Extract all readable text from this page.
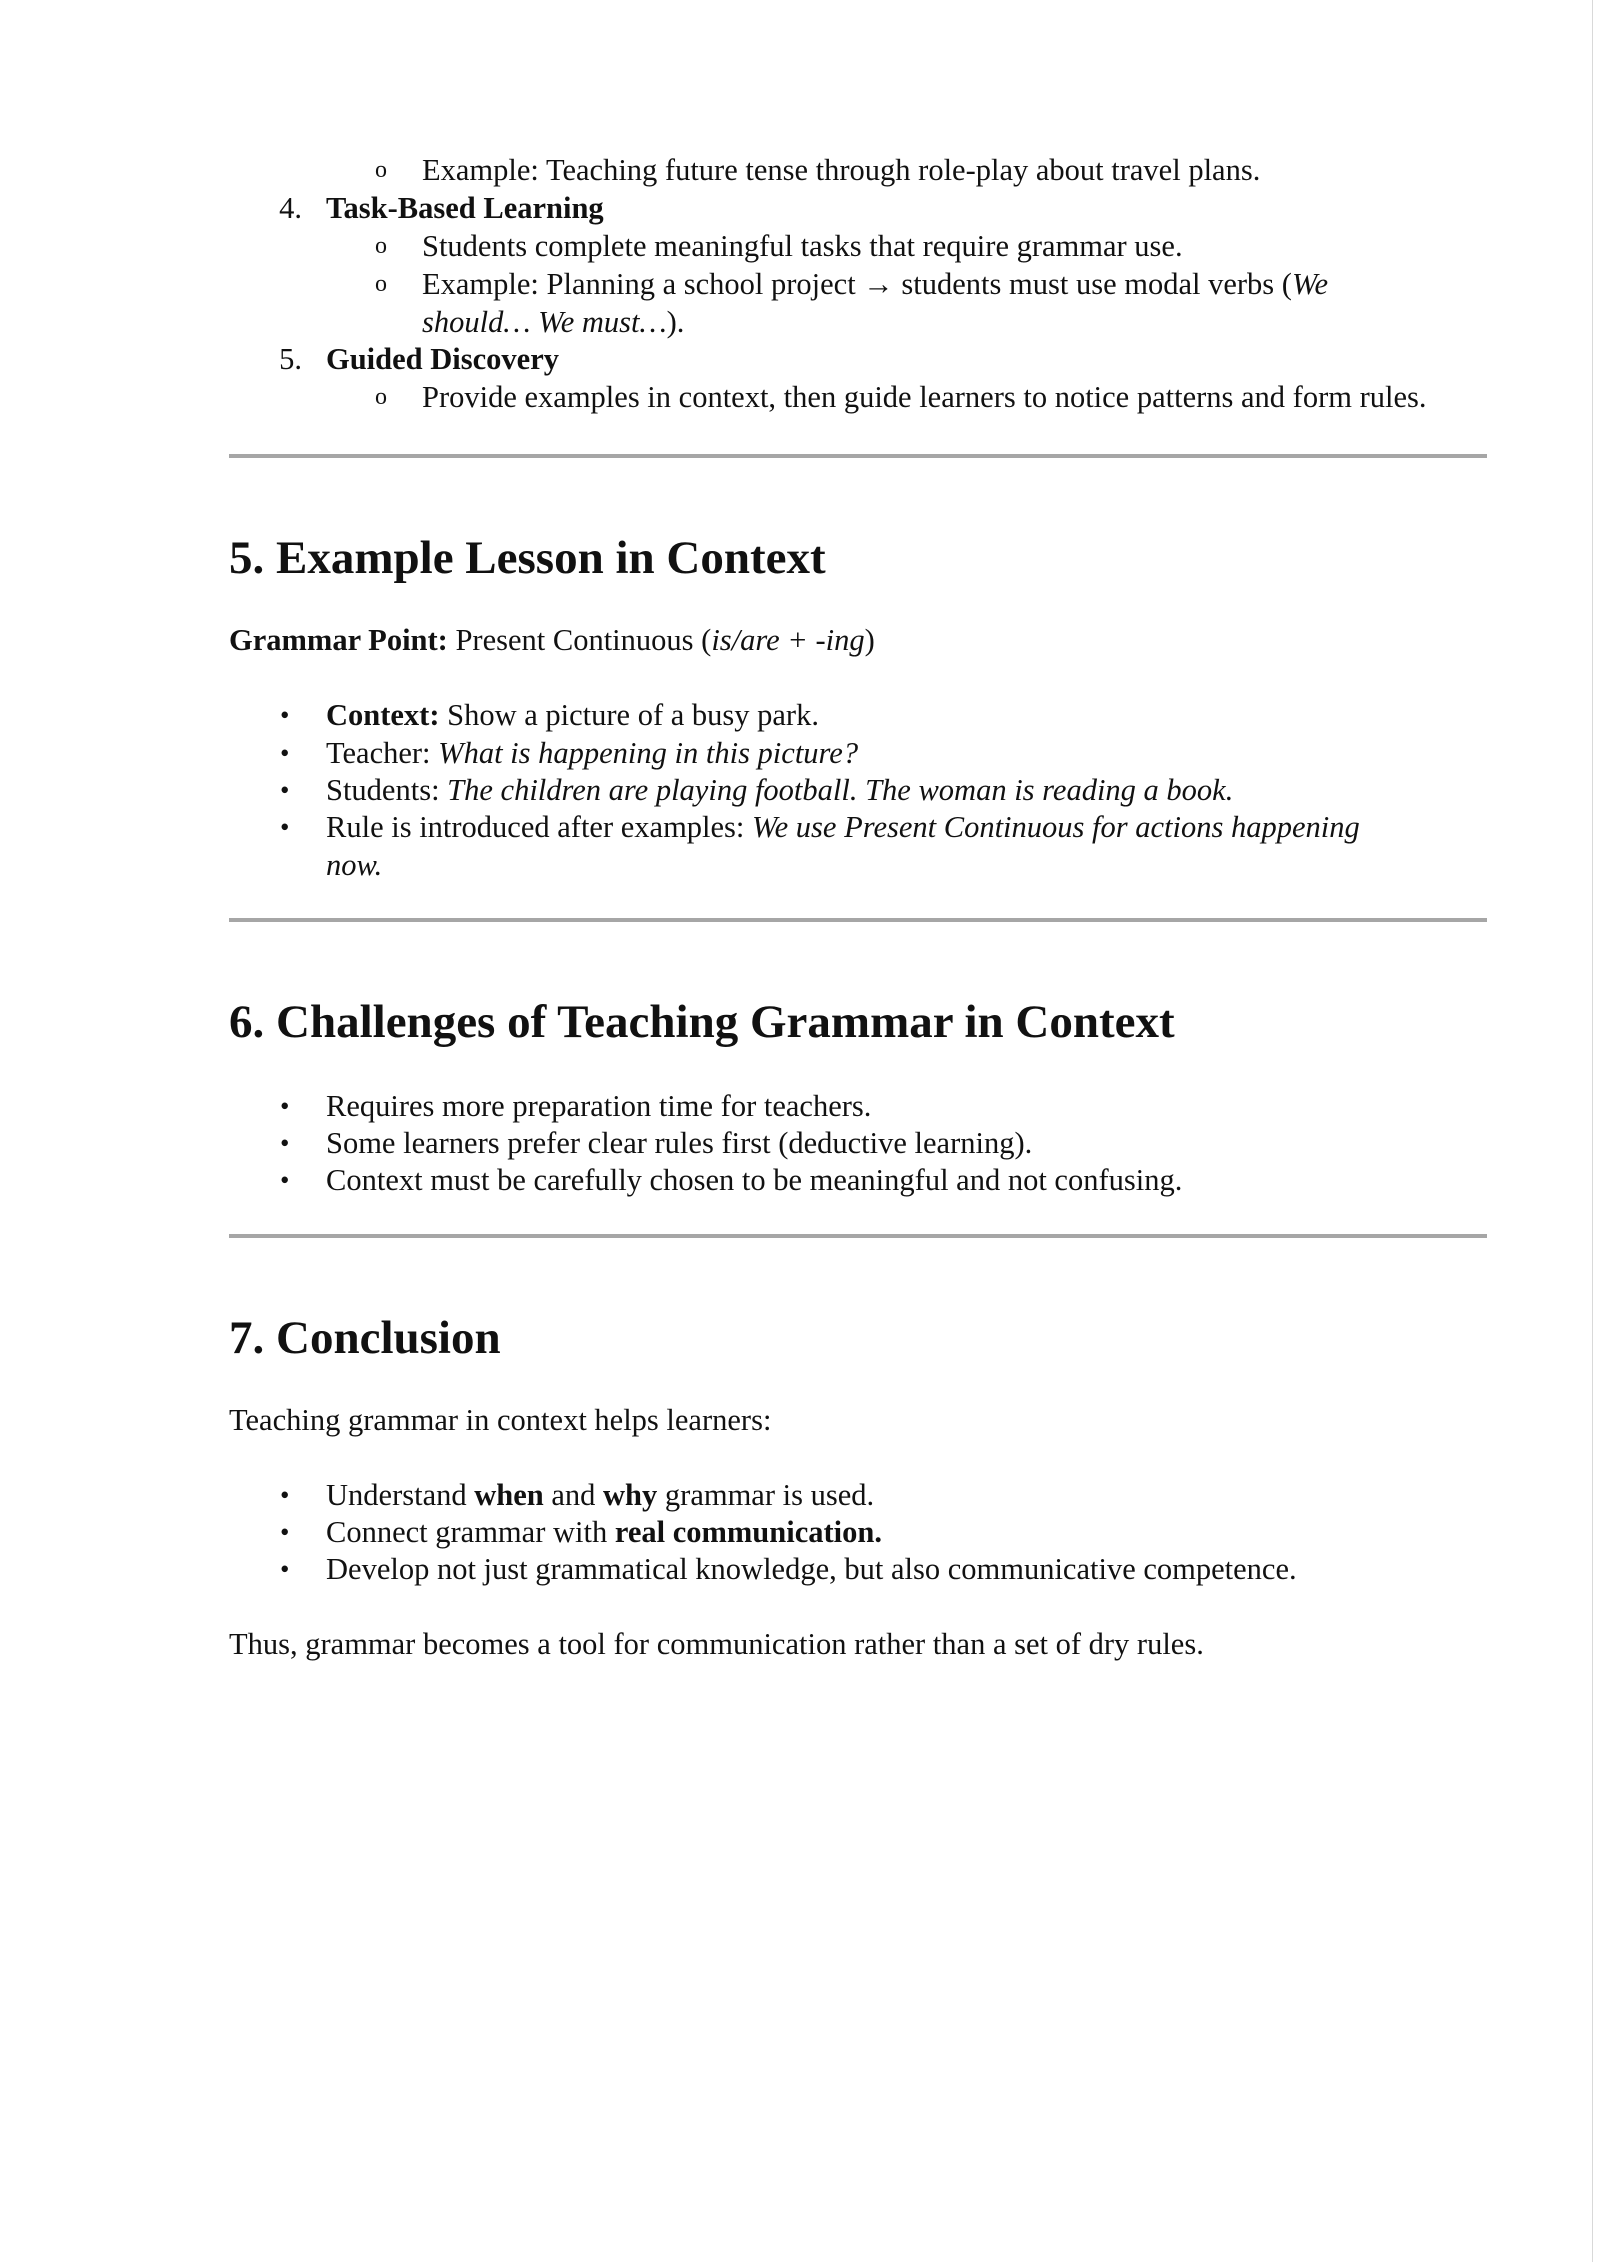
o Example: Teaching future tense through role-play about travel plans.
4. Task-Based Learning
o Students complete meaningful tasks that require grammar use.
o Example: Planning a school project → students must use modal verbs (We should… We must…).
5. Guided Discovery
o Provide examples in context, then guide learners to notice patterns and form rules.
5. Example Lesson in Context
Grammar Point: Present Continuous (is/are + -ing)
• Context: Show a picture of a busy park.
• Teacher: What is happening in this picture?
• Students: The children are playing football. The woman is reading a book.
• Rule is introduced after examples: We use Present Continuous for actions happening
now.
6. Challenges of Teaching Grammar in Context
• Requires more preparation time for teachers.
• Some learners prefer clear rules first (deductive learning).
• Context must be carefully chosen to be meaningful and not confusing.
7. Conclusion
Teaching grammar in context helps learners:
• Understand when and why grammar is used.
• Connect grammar with real communication.
• Develop not just grammatical knowledge, but also communicative competence.
Thus, grammar becomes a tool for communication rather than a set of dry rules.
